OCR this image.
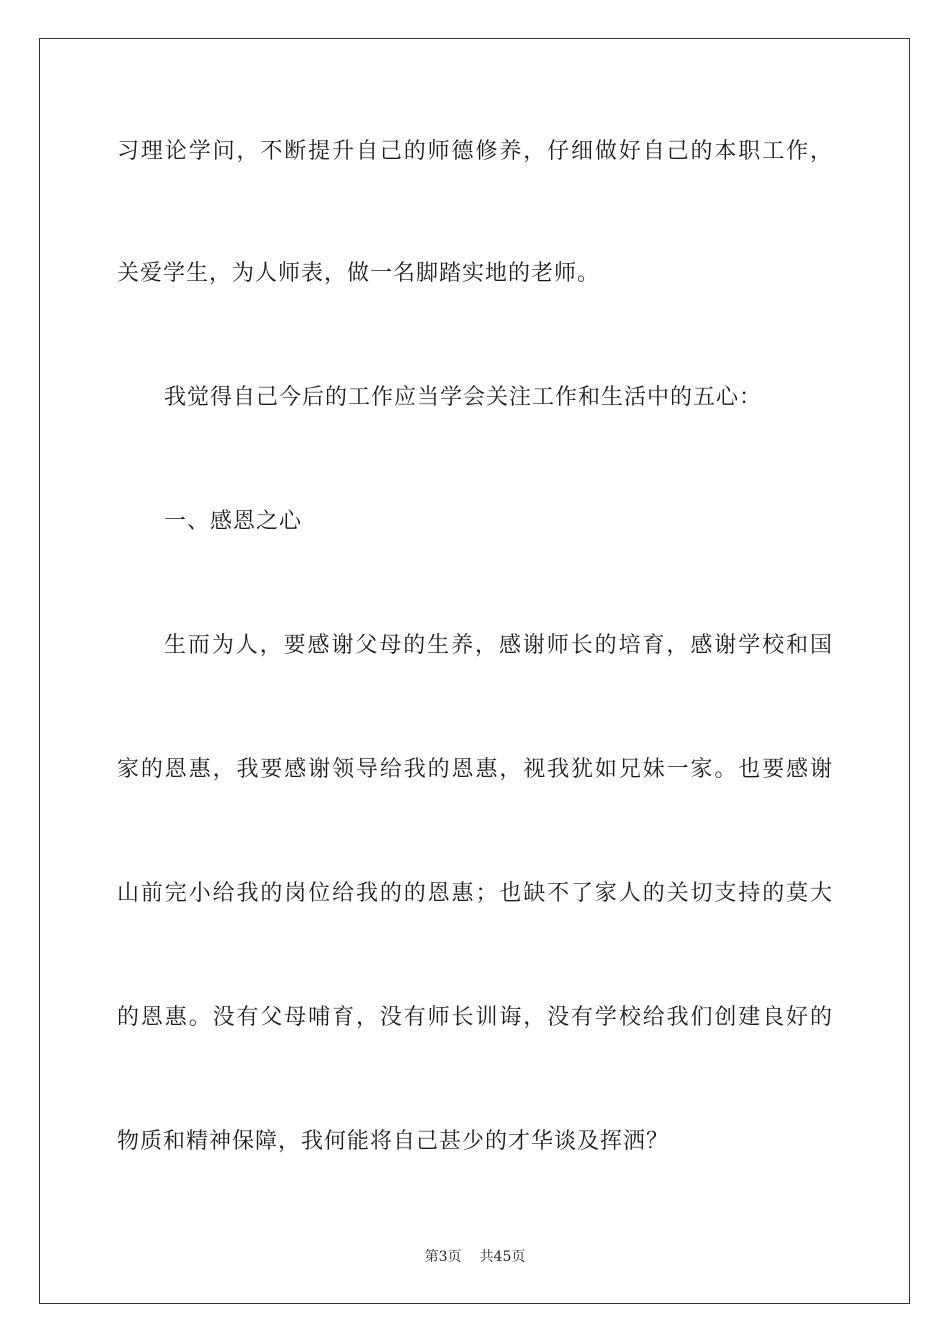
习理论学问，不断提升自己的师德修养，仔细做好自己的本职工作，
关爱学生，为人师表，做一名脚踏实地的老师。
我觉得自己今后的工作应当学会关注工作和生活中的五心：
一、感恩之心
生而为人，要感谢父母的生养，感谢师长的培育，感谢学校和国
家的恩惠，我要感谢领导给我的恩惠，视我犹如兄妹一家。也要感谢
山前完小给我的岗位给我的的恩惠；也缺不了家人的关切支持的莫大
的恩惠。没有父母哺育，没有师长训诲，没有学校给我们创建良好的
物质和精神保障，我何能将自己甚少的才华谈及挥洒？
第3页 共45页
